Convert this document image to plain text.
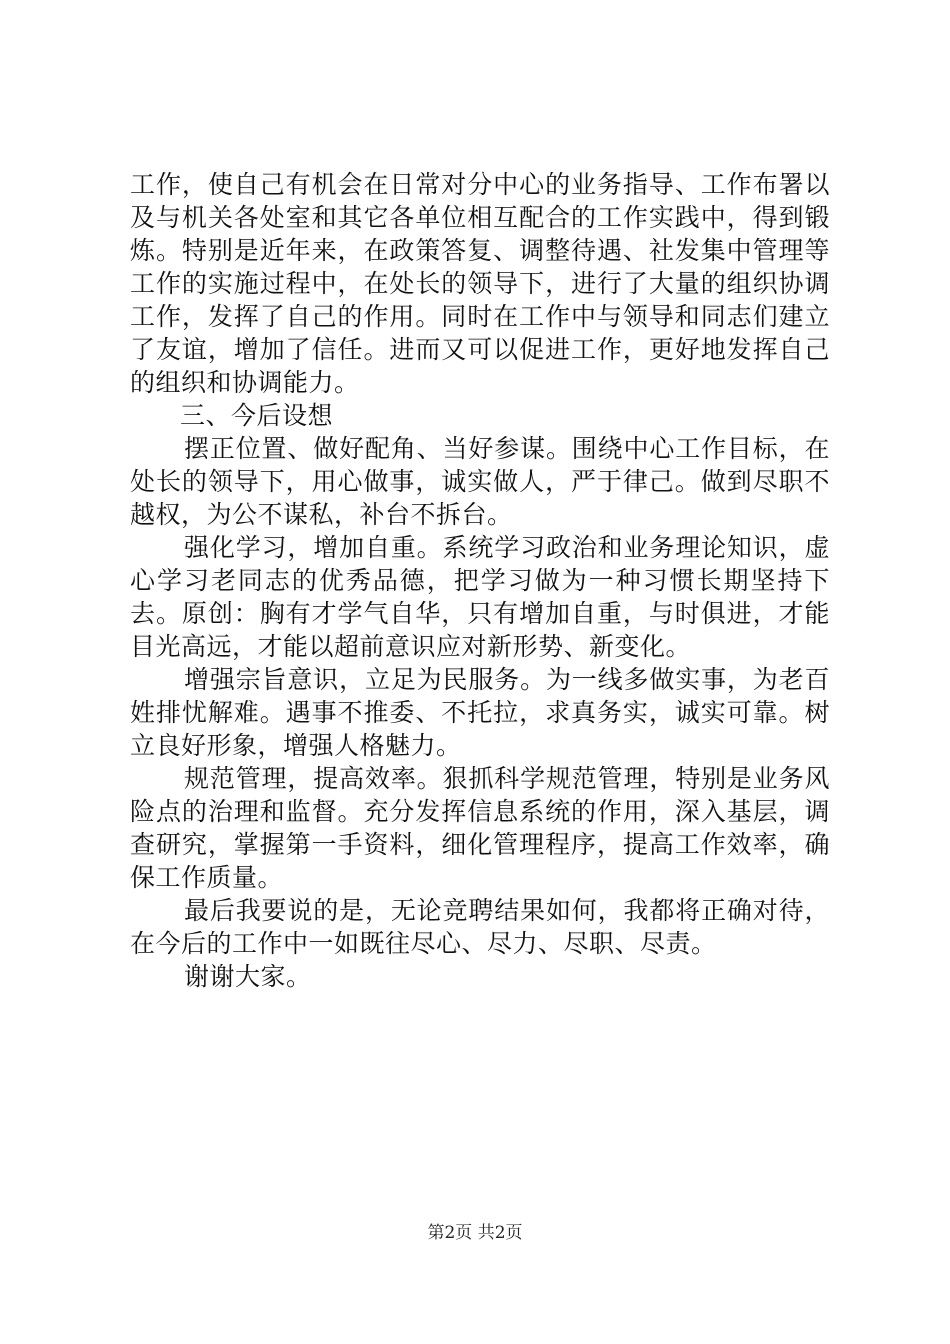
工作，使自己有机会在日常对分中心的业务指导、工作布署以及与机关各处室和其它各单位相互配合的工作实践中，得到锻炼。特别是近年来，在政策答复、调整待遇、社发集中管理等工作的实施过程中，在处长的领导下，进行了大量的组织协调工作，发挥了自己的作用。同时在工作中与领导和同志们建立了友谊，增加了信任。进而又可以促进工作，更好地发挥自己的组织和协调能力。

三、今后设想

摆正位置、做好配角、当好参谋。围绕中心工作目标，在处长的领导下，用心做事，诚实做人，严于律己。做到尽职不越权，为公不谋私，补台不拆台。

强化学习，增加自重。系统学习政治和业务理论知识，虚心学习老同志的优秀品德，把学习做为一种习惯长期坚持下去。原创：胸有才学气自华，只有增加自重，与时俱进，才能目光高远，才能以超前意识应对新形势、新变化。

增强宗旨意识，立足为民服务。为一线多做实事，为老百姓排忧解难。遇事不推委、不托拉，求真务实，诚实可靠。树立良好形象，增强人格魅力。

规范管理，提高效率。狠抓科学规范管理，特别是业务风险点的治理和监督。充分发挥信息系统的作用，深入基层，调查研究，掌握第一手资料，细化管理程序，提高工作效率，确保工作质量。

最后我要说的是，无论竞聘结果如何，我都将正确对待，在今后的工作中一如既往尽心、尽力、尽职、尽责。

谢谢大家。

第2页 共2页
